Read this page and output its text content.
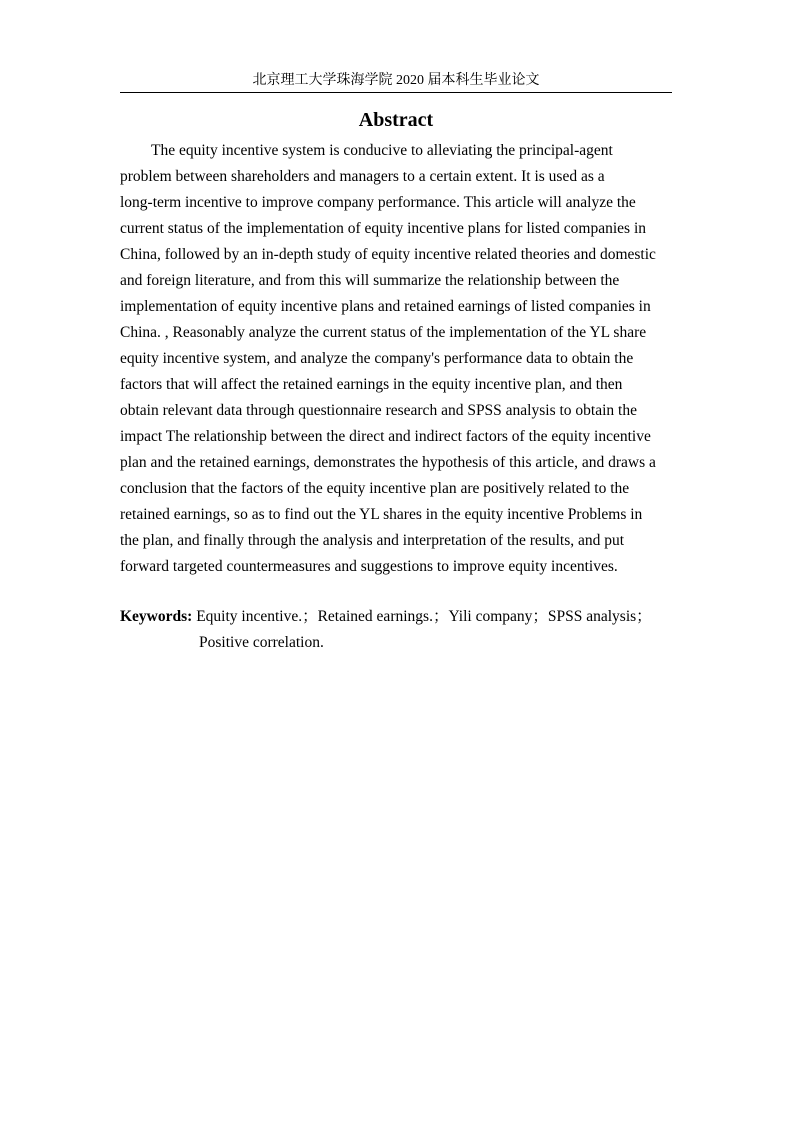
北京理工大学珠海学院 2020 届本科生毕业论文
Abstract
The equity incentive system is conducive to alleviating the principal-agent
problem between shareholders and managers to a certain extent. It is used as a
long-term incentive to improve company performance. This article will analyze the
current status of the implementation of equity incentive plans for listed companies in
China, followed by an in-depth study of equity incentive related theories and domestic
and foreign literature, and from this will summarize the relationship between the
implementation of equity incentive plans and retained earnings of listed companies in
China. , Reasonably analyze the current status of the implementation of the YL share
equity incentive system, and analyze the company's performance data to obtain the
factors that will affect the retained earnings in the equity incentive plan, and then
obtain relevant data through questionnaire research and SPSS analysis to obtain the
impact The relationship between the direct and indirect factors of the equity incentive
plan and the retained earnings, demonstrates the hypothesis of this article, and draws a
conclusion that the factors of the equity incentive plan are positively related to the
retained earnings, so as to find out the YL shares in the equity incentive Problems in
the plan, and finally through the analysis and interpretation of the results, and put
forward targeted countermeasures and suggestions to improve equity incentives.
Keywords: Equity incentive.；Retained earnings.；Yili company；SPSS analysis；
Positive correlation.
